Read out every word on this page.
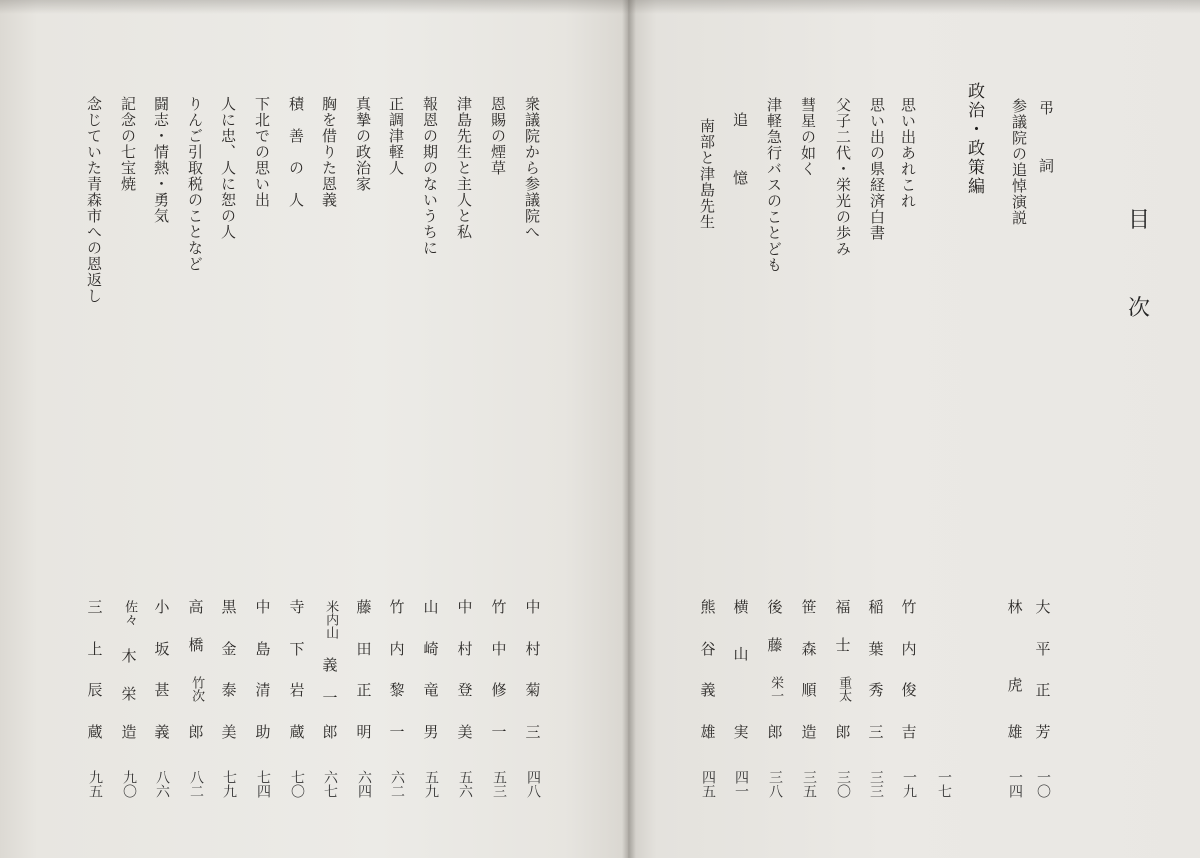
目
次
弔　詞
参議院の追悼演説
政治・政策編
思い出あれこれ
思い出の県経済白書
父子二代・栄光の歩み
彗星の如く
津軽急行バスのことども
追　憶
南部と津島先生
大
平
正
芳
林
虎
雄
竹
内
俊
吉
稲
葉
秀
三
福
士
重太
郎
笹
森
順
造
後
藤
栄一
郎
横
山
実
熊
谷
義
雄
一〇
一四
一七
一九
三三
三〇
三五
三八
四一
四五
衆議院から参議院へ
恩賜の煙草
津島先生と主人と私
報恩の期のないうちに
正調津軽人
真摯の政治家
胸を借りた恩義
積　善　の　人
下北での思い出
人に忠、人に恕の人
りんご引取税のことなど
闘志・情熱・勇気
記念の七宝焼
念じていた青森市への恩返し
中
村
菊
三
竹
中
修
一
中
村
登
美
山
崎
竜
男
竹
内
黎
一
藤
田
正
明
米内山
義
一
郎
寺
下
岩
蔵
中
島
清
助
黒
金
泰
美
高
橋
竹次
郎
小
坂
甚
義
佐々
木
栄
造
三
上
辰
蔵
四八
五三
五六
五九
六二
六四
六七
七〇
七四
七九
八二
八六
九〇
九五
